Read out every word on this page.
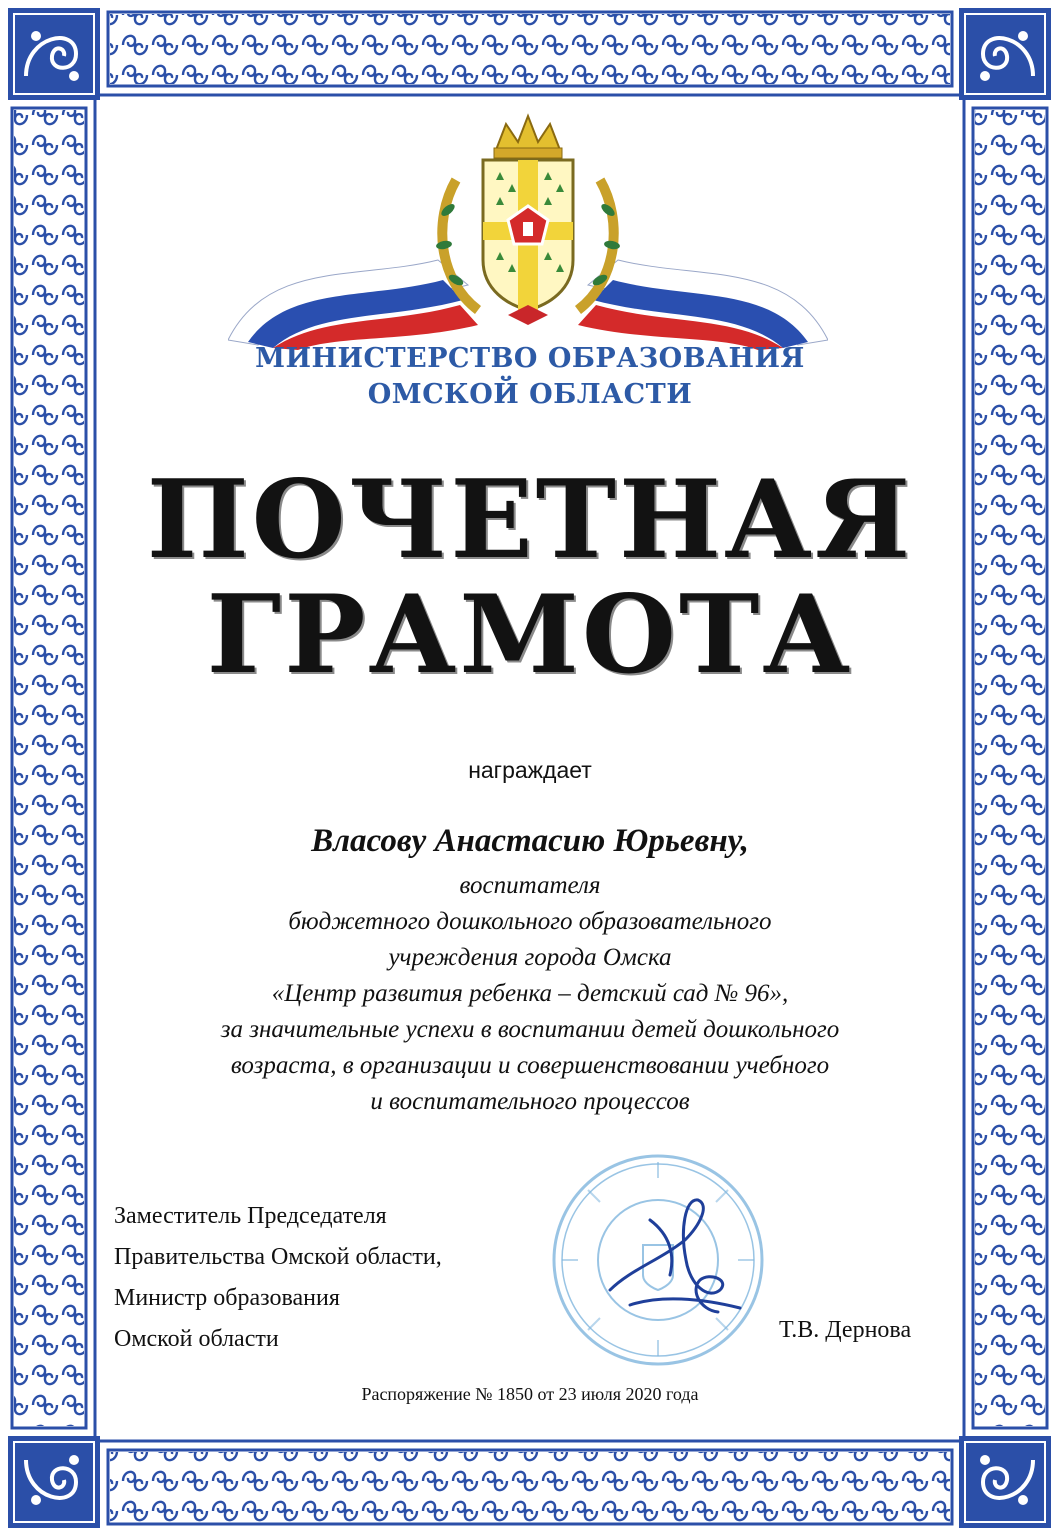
МИНИСТЕРСТВО ОБРАЗОВАНИЯ
ОМСКОЙ ОБЛАСТИ
ПОЧЕТНАЯ
ГРАМОТА
награждает
Власову Анастасию Юрьевну,
воспитателя
бюджетного дошкольного образовательного
учреждения города Омска
«Центр развития ребенка – детский сад № 96»,
за значительные успехи в воспитании детей дошкольного
возраста, в организации и совершенствовании учебного
и воспитательного процессов
Заместитель Председателя
Правительства Омской области,
Министр образования
Омской области	Т.В. Дернова
Распоряжение № 1850 от 23 июля 2020 года
